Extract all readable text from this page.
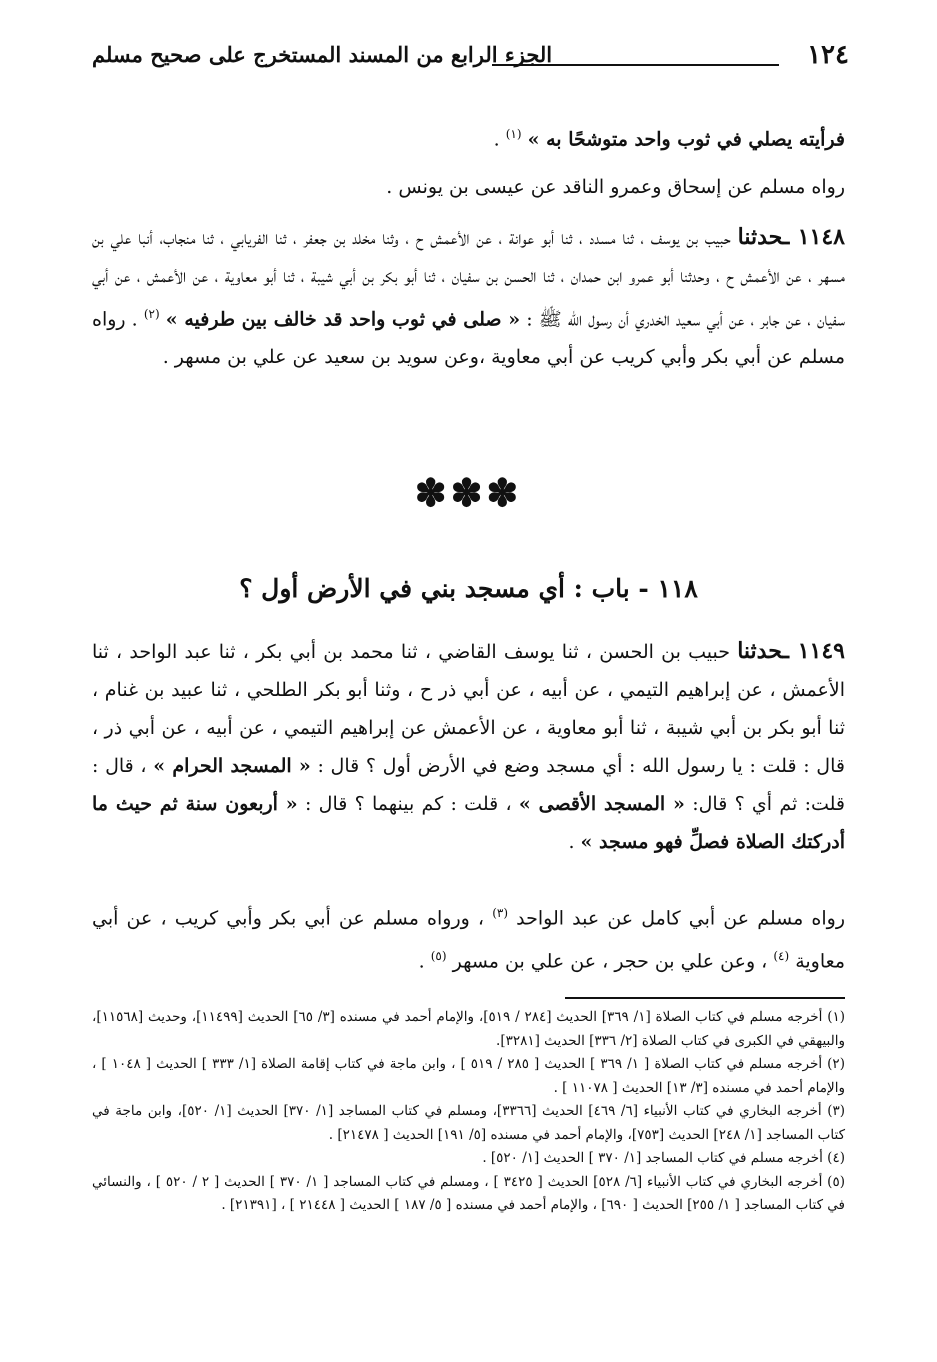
١٢٤
الجزء الرابع من المسند المستخرج على صحيح مسلم
فرأيته يصلي في ثوب واحد متوشحًا به » $^{(١)}$ .
رواه مسلم عن إسحاق وعمرو الناقد عن عيسى بن يونس .
١١٤٨ ـحدثنا حبيب بن يوسف ، ثنا مسدد ، ثنا أبو عوانة ، عن الأعمش ح ، وثنا مخلد بن جعفر ، ثنا الفريابي ، ثنا منجاب، أنبا علي بن مسهر ، عن الأعمش ح ، وحدثنا أبو عمرو ابن حمدان ، ثنا الحسن بن سفيان ، ثنا أبو بكر بن أبي شيبة ، ثنا أبو معاوية ، عن الأعمش ، عن أبي سفيان ، عن جابر ، عن أبي سعيد الخدري أن رسول الله ﷺ : « صلى في ثوب واحد قد خالف بين طرفيه » $^{(٢)}$ . رواه مسلم عن أبي بكر وأبي كريب عن أبي معاوية ،وعن سويد بن سعيد عن علي بن مسهر .
✽✽✽
١١٨ - باب : أي مسجد بني في الأرض أول ؟
١١٤٩ ـحدثنا حبيب بن الحسن ، ثنا يوسف القاضي ، ثنا محمد بن أبي بكر ، ثنا عبد الواحد ، ثنا الأعمش ، عن إبراهيم التيمي ، عن أبيه ، عن أبي ذر ح ، وثنا أبو بكر الطلحي ، ثنا عبيد بن غنام ، ثنا أبو بكر بن أبي شيبة ، ثنا أبو معاوية ، عن الأعمش عن إبراهيم التيمي ، عن أبيه ، عن أبي ذر ، قال : قلت : يا رسول الله : أي مسجد وضع في الأرض أول ؟ قال : « المسجد الحرام » ، قال : قلت: ثم أي ؟ قال: « المسجد الأقصى » ، قلت : كم بينهما ؟ قال : « أربعون سنة ثم حيث ما أدركتك الصلاة فصلِّ فهو مسجد » .
رواه مسلم عن أبي كامل عن عبد الواحد $^{(٣)}$ ، ورواه مسلم عن أبي بكر وأبي كريب ، عن أبي معاوية $^{(٤)}$ ، وعن علي بن حجر ، عن علي بن مسهر $^{(٥)}$ .

(١) أخرجه مسلم في كتاب الصلاة [١/ ٣٦٩] الحديث [٢٨٤ / ٥١٩]، والإمام أحمد في مسنده [٣/ ٦٥] الحديث [١١٤٩٩]، وحديث [١١٥٦٨]، والبيهقي في الكبرى في كتاب الصلاة [٢/ ٣٣٦] الحديث [٣٢٨١].

(٢) أخرجه مسلم في كتاب الصلاة [ ١/ ٣٦٩ ] الحديث [ ٢٨٥ / ٥١٩ ] ، وابن ماجة في كتاب إقامة الصلاة [١/ ٣٣٣ ] الحديث [ ١٠٤٨ ] ، والإمام أحمد في مسنده [٣/ ١٣] الحديث [ ١١٠٧٨ ] .

(٣) أخرجه البخاري في كتاب الأنبياء [٦/ ٤٦٩] الحديث [٣٣٦٦]، ومسلم في كتاب المساجد [١/ ٣٧٠] الحديث [١/ ٥٢٠]، وابن ماجة في كتاب المساجد [١/ ٢٤٨] الحديث [٧٥٣]، والإمام أحمد في مسنده [٥/ ١٩١] الحديث [ ٢١٤٧٨] .

(٤) أخرجه مسلم في كتاب المساجد [١/ ٣٧٠ ] الحديث [١/ ٥٢٠] .

(٥) أخرجه البخاري في كتاب الأنبياء [٦/ ٥٢٨] الحديث [ ٣٤٢٥ ] ، ومسلم في كتاب المساجد [ ١/ ٣٧٠ ] الحديث [ ٢ / ٥٢٠ ] ، والنسائي في كتاب المساجد [ ١/ ٢٥٥] الحديث [ ٦٩٠] ، والإمام أحمد في مسنده [ ٥/ ١٨٧ ] الحديث [ ٢١٤٤٨ ] ، [٢١٣٩١] .
